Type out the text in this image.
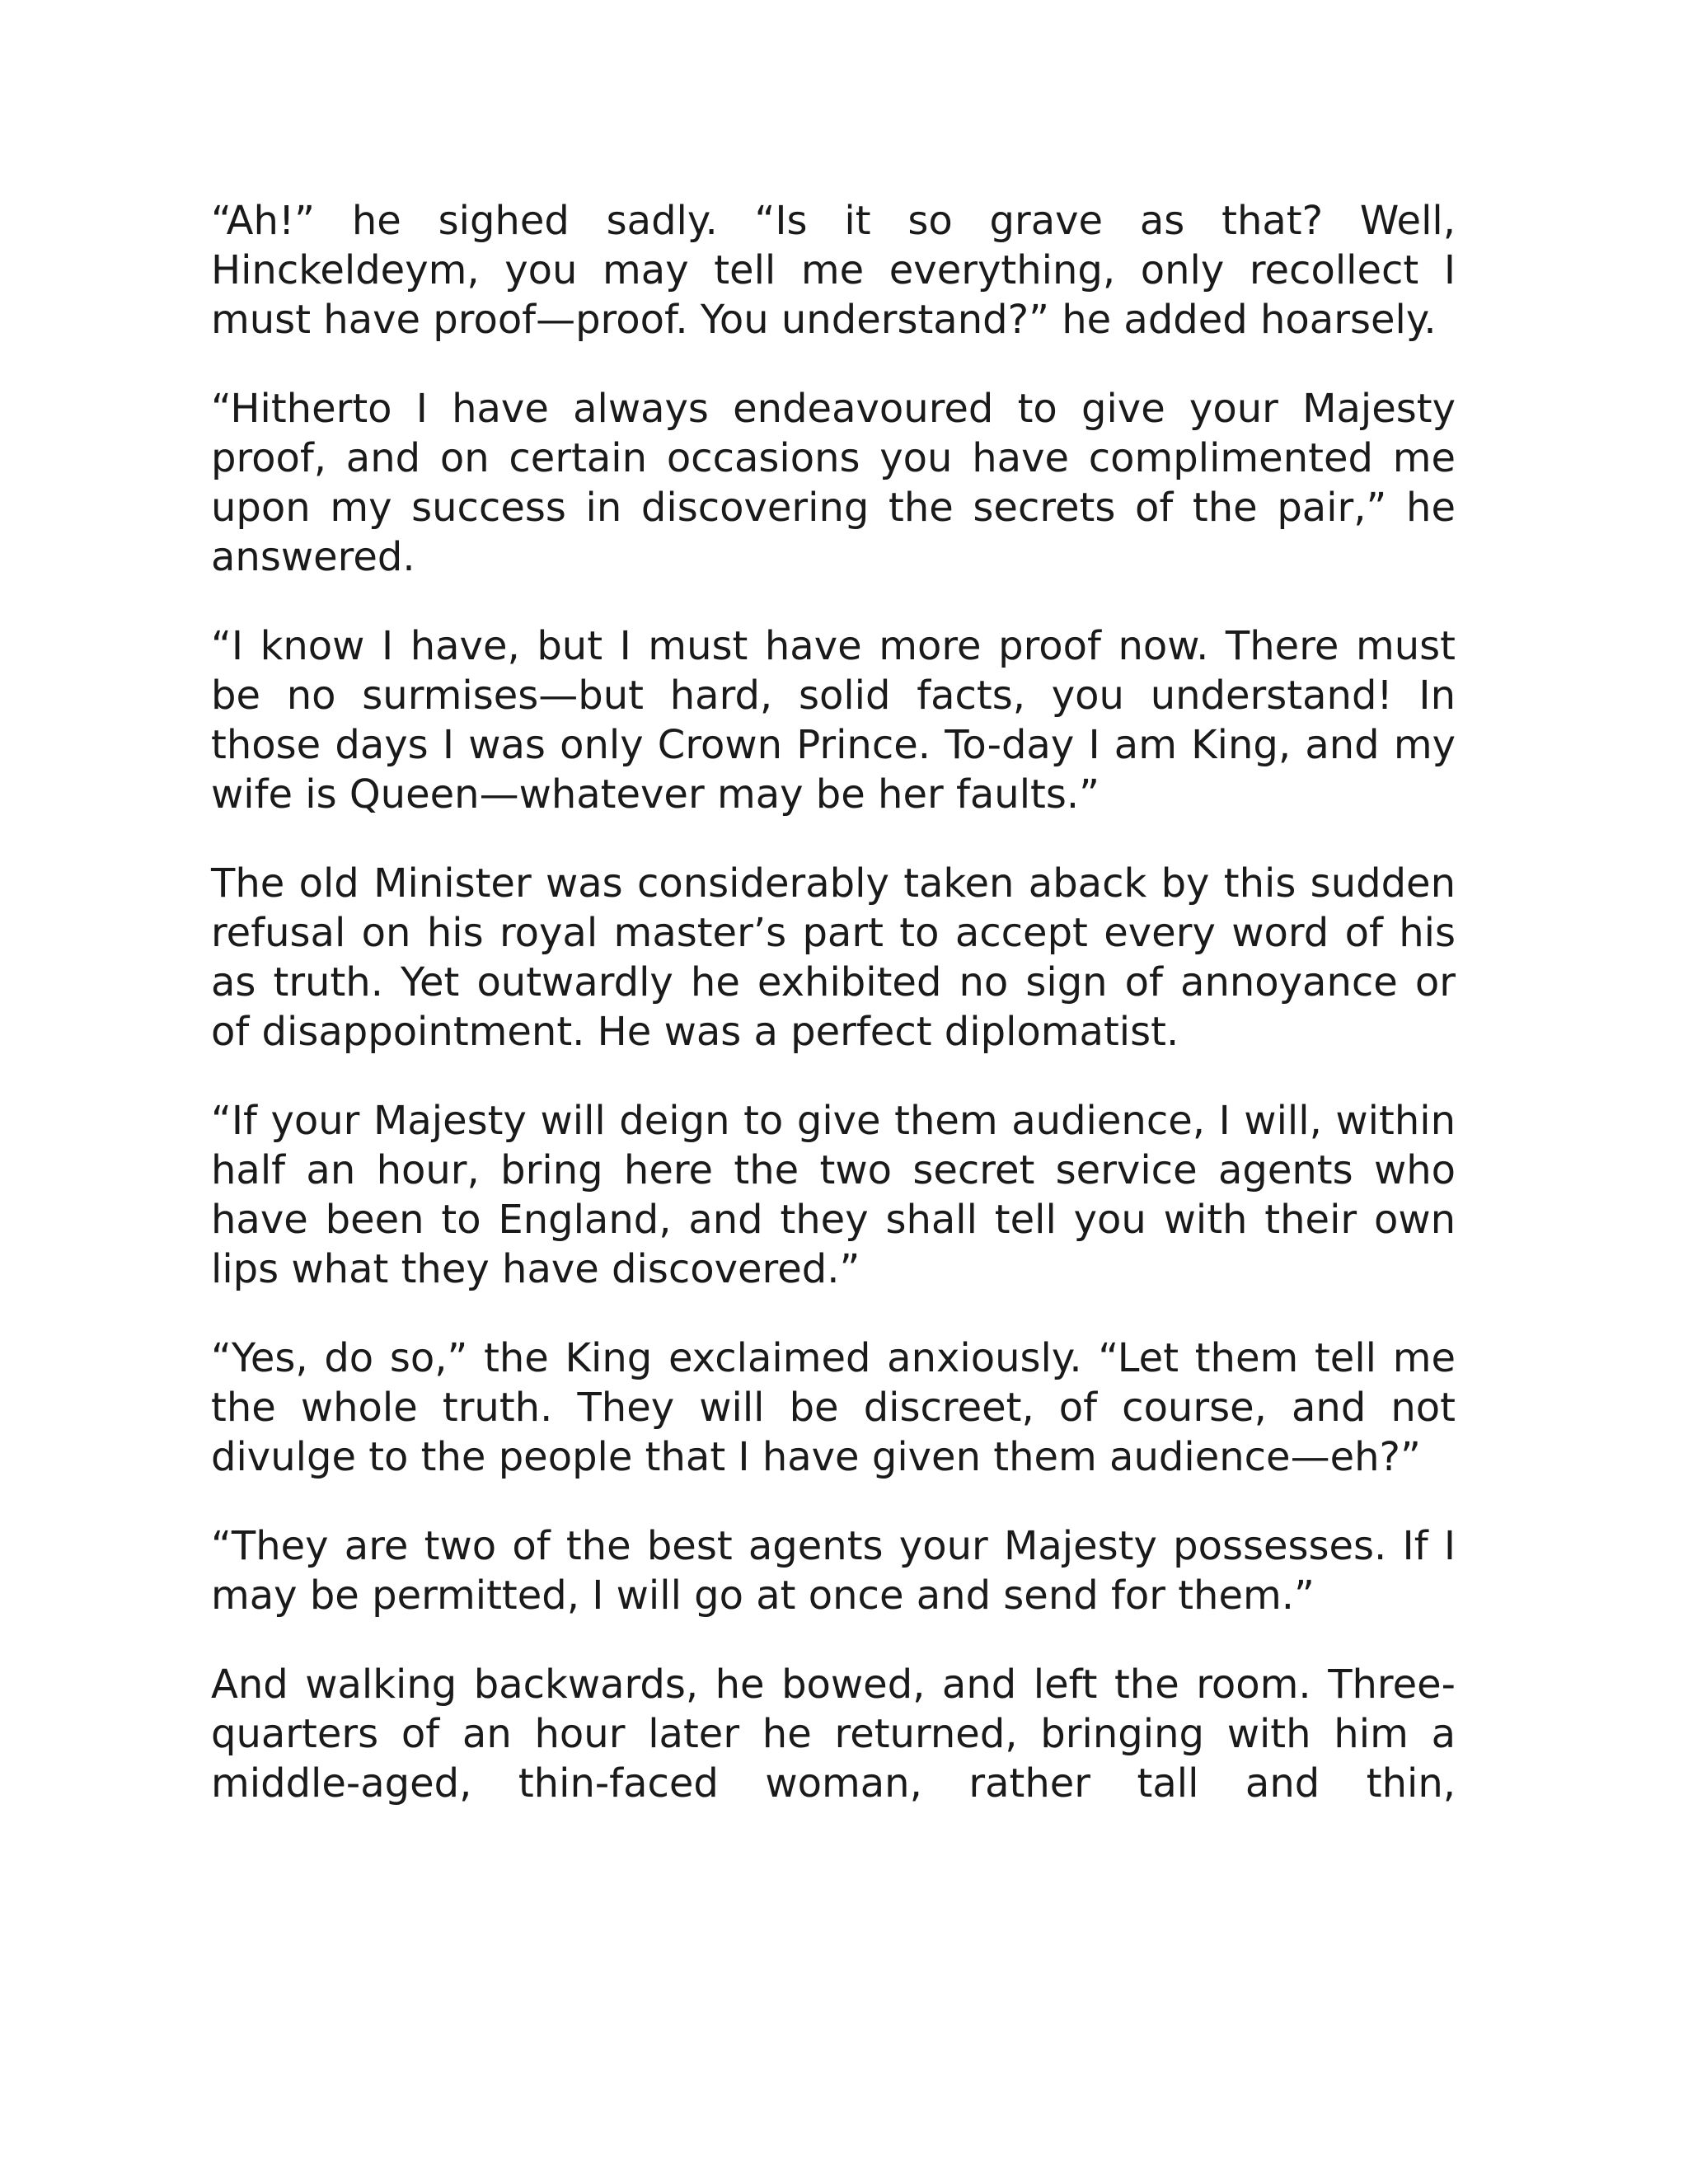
“Ah!” he sighed sadly. “Is it so grave as that? Well, Hinckeldeym, you may tell me everything, only recollect I must have proof—proof. You understand?” he added hoarsely.

“Hitherto I have always endeavoured to give your Majesty proof, and on certain occasions you have complimented me upon my success in discovering the secrets of the pair,” he answered.

“I know I have, but I must have more proof now. There must be no surmises—but hard, solid facts, you understand! In those days I was only Crown Prince. To-day I am King, and my wife is Queen—whatever may be her faults.”

The old Minister was considerably taken aback by this sudden refusal on his royal master’s part to accept every word of his as truth. Yet outwardly he exhibited no sign of annoyance or of disappointment. He was a perfect diplomatist.

“If your Majesty will deign to give them audience, I will, within half an hour, bring here the two secret service agents who have been to England, and they shall tell you with their own lips what they have discovered.”

“Yes, do so,” the King exclaimed anxiously. “Let them tell me the whole truth. They will be discreet, of course, and not divulge to the people that I have given them audience—eh?”

“They are two of the best agents your Majesty possesses. If I may be permitted, I will go at once and send for them.”

And walking backwards, he bowed, and left the room. Three-quarters of an hour later he returned, bringing with him a middle-aged, thin-faced woman, rather tall and thin,
